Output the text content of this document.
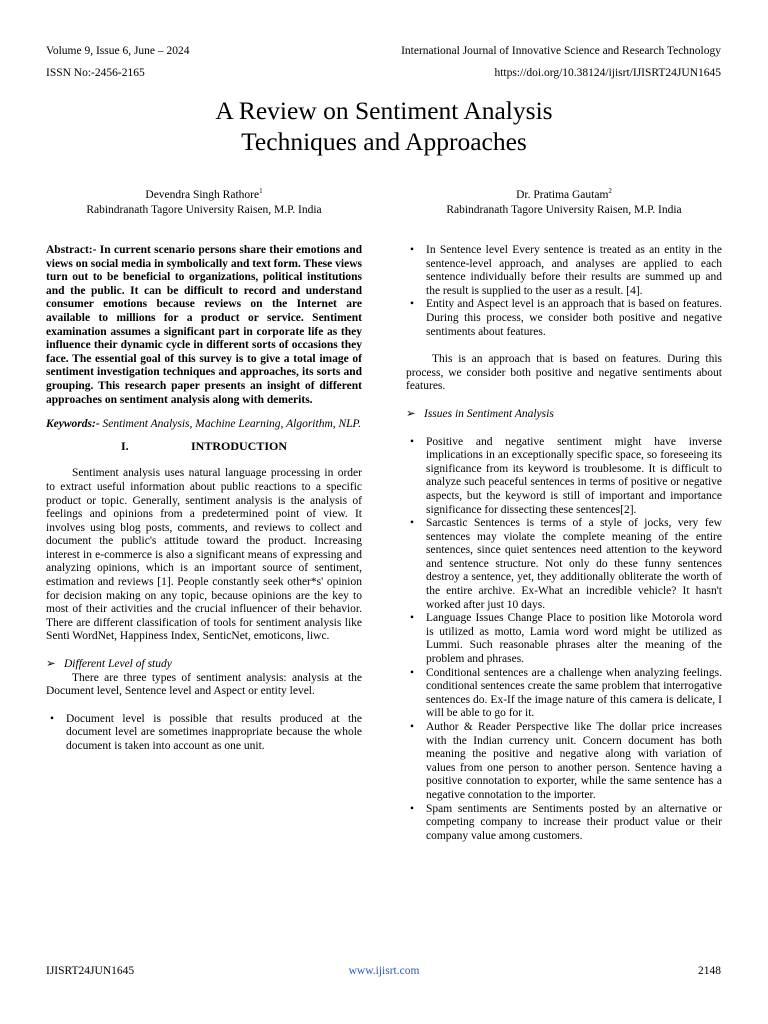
Volume 9, Issue 6, June – 2024	International Journal of Innovative Science and Research Technology
ISSN No:-2456-2165	https://doi.org/10.38124/ijisrt/IJISRT24JUN1645
A Review on Sentiment Analysis
Techniques and Approaches
Devendra Singh Rathore$^1$
Rabindranath Tagore University Raisen, M.P. India
Dr. Pratima Gautam$^2$
Rabindranath Tagore University Raisen, M.P. India

Abstract:- In current scenario persons share their emotions and views on social media in symbolically and text form. These views turn out to be beneficial to organizations, political institutions and the public. It can be difficult to record and understand consumer emotions because reviews on the Internet are available to millions for a product or service. Sentiment examination assumes a significant part in corporate life as they influence their dynamic cycle in different sorts of occasions they face. The essential goal of this survey is to give a total image of sentiment investigation techniques and approaches, its sorts and grouping. This research paper presents an insight of different approaches on sentiment analysis along with demerits.

Keywords:- Sentiment Analysis, Machine Learning, Algorithm, NLP.

I.	INTRODUCTION

Sentiment analysis uses natural language processing in order to extract useful information about public reactions to a specific product or topic. Generally, sentiment analysis is the analysis of feelings and opinions from a predetermined point of view. It involves using blog posts, comments, and reviews to collect and document the public's attitude toward the product. Increasing interest in e-commerce is also a significant means of expressing and analyzing opinions, which is an important source of sentiment, estimation and reviews [1]. People constantly seek other*s' opinion for decision making on any topic, because opinions are the key to most of their activities and the crucial influencer of their behavior. There are different classification of tools for sentiment analysis like Senti WordNet, Happiness Index, SenticNet, emoticons, liwc.

➢ Different Level of study

There are three types of sentiment analysis: analysis at the Document level, Sentence level and Aspect or entity level.

• Document level is possible that results produced at the document level are sometimes inappropriate because the whole document is taken into account as one unit.
• In Sentence level Every sentence is treated as an entity in the sentence-level approach, and analyses are applied to each sentence individually before their results are summed up and the result is supplied to the user as a result. [4].
• Entity and Aspect level is an approach that is based on features. During this process, we consider both positive and negative sentiments about features.

This is an approach that is based on features. During this process, we consider both positive and negative sentiments about features.

➢ Issues in Sentiment Analysis
• Positive and negative sentiment might have inverse implications in an exceptionally specific space, so foreseeing its significance from its keyword is troublesome. It is difficult to analyze such peaceful sentences in terms of positive or negative aspects, but the keyword is still of important and importance significance for dissecting these sentences[2].
• Sarcastic Sentences is terms of a style of jocks, very few sentences may violate the complete meaning of the entire sentences, since quiet sentences need attention to the keyword and sentence structure. Not only do these funny sentences destroy a sentence, yet, they additionally obliterate the worth of the entire archive. Ex-What an incredible vehicle? It hasn't worked after just 10 days.
• Language Issues Change Place to position like Motorola word is utilized as motto, Lamia word word might be utilized as Lummi. Such reasonable phrases alter the meaning of the problem and phrases.
• Conditional sentences are a challenge when analyzing feelings. conditional sentences create the same problem that interrogative sentences do. Ex-If the image nature of this camera is delicate, I will be able to go for it.
• Author & Reader Perspective like The dollar price increases with the Indian currency unit. Concern document has both meaning the positive and negative along with variation of values from one person to another person. Sentence having a positive connotation to exporter, while the same sentence has a negative connotation to the importer.
• Spam sentiments are Sentiments posted by an alternative or competing company to increase their product value or their company value among customers.
IJISRT24JUN1645	www.ijisrt.com	2148
